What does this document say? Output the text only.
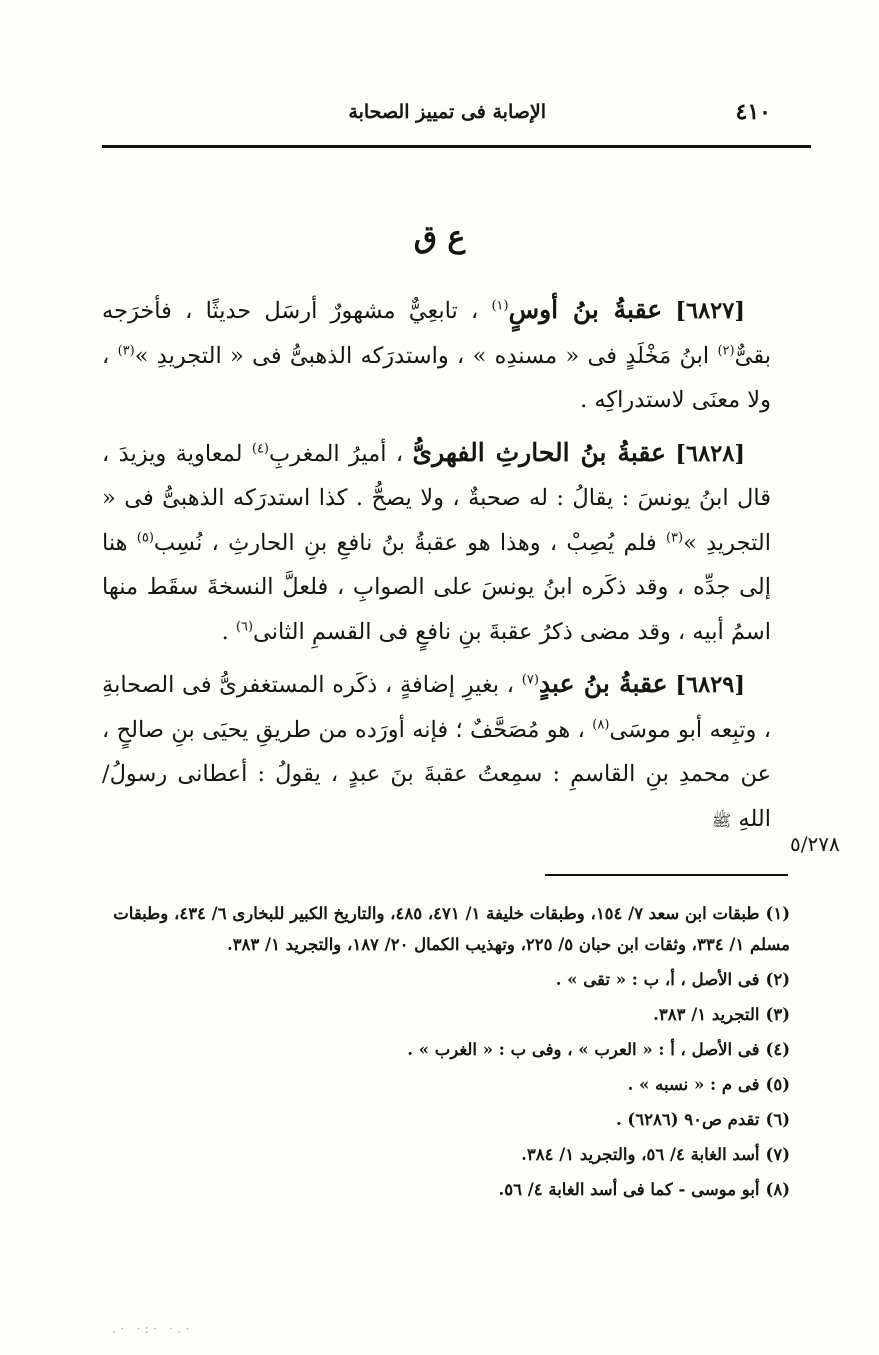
٤١٠
الإصابة فى تمييز الصحابة
ع ق

[٦٨٢٧] عقبةُ بنُ أوسٍ$^{(١)}$ ، تابعِيٌّ مشهورٌ أرسَل حديثًا ، فأخرَجه بقىٌّ$^{(٢)}$ ابنُ مَخْلَدٍ فى « مسندِه » ، واستدرَكه الذهبىُّ فى « التجريدِ »$^{(٣)}$ ، ولا معنَى لاستدراكِه .

[٦٨٢٨] عقبةُ بنُ الحارثِ الفهرىُّ ، أميرُ المغربِ$^{(٤)}$ لمعاوية ويزيدَ ، قال ابنُ يونسَ : يقالُ : له صحبةٌ ، ولا يصحُّ . كذا استدرَكه الذهبىُّ فى « التجريدِ »$^{(٣)}$ فلم يُصِبْ ، وهذا هو عقبةُ بنُ نافعِ بنِ الحارثِ ، نُسِب$^{(٥)}$ هنا إلى جدِّه ، وقد ذكَره ابنُ يونسَ على الصوابِ ، فلعلَّ النسخةَ سقَط منها اسمُ أبيه ، وقد مضى ذكرُ عقبةَ بنِ نافعٍ فى القسمِ الثانى$^{(٦)}$ .

[٦٨٢٩] عقبةُ بنُ عبدٍ$^{(٧)}$ ، بغيرِ إضافةٍ ، ذكَره المستغفرىُّ فى الصحابةِ ، وتبِعه أبو موسَى$^{(٨)}$ ، هو مُصَحَّفٌ ؛ فإنه أورَده من طريقِ يحيَى بنِ صالحٍ ، عن محمدِ بنِ القاسمِ : سمِعتُ عقبةَ بنَ عبدٍ ، يقولُ : أعطانى رسولُ/ اللهِ ﷺ

٥/٢٧٨

(١)طبقات ابن سعد ٧/ ١٥٤، وطبقات خليفة ١/ ٤٧١، ٤٨٥، والتاريخ الكبير للبخارى ٦/ ٤٣٤، وطبقات مسلم ١/ ٣٣٤، وثقات ابن حبان ٥/ ٢٢٥، وتهذيب الكمال ٢٠/ ١٨٧، والتجريد ١/ ٣٨٣.

(٢)فى الأصل ، أ، ب : « تقى » .

(٣)التجريد ١/ ٣٨٣.

(٤)فى الأصل ، أ : « العرب » ، وفى ب : « الغرب » .

(٥)فى م : « نسبه » .

(٦)تقدم ص٩٠ (٦٢٨٦) .

(٧)أسد الغابة ٤/ ٥٦، والتجريد ١/ ٣٨٤.

(٨)أبو موسى - كما فى أسد الغابة ٤/ ٥٦.

·.· ·:· ·.
